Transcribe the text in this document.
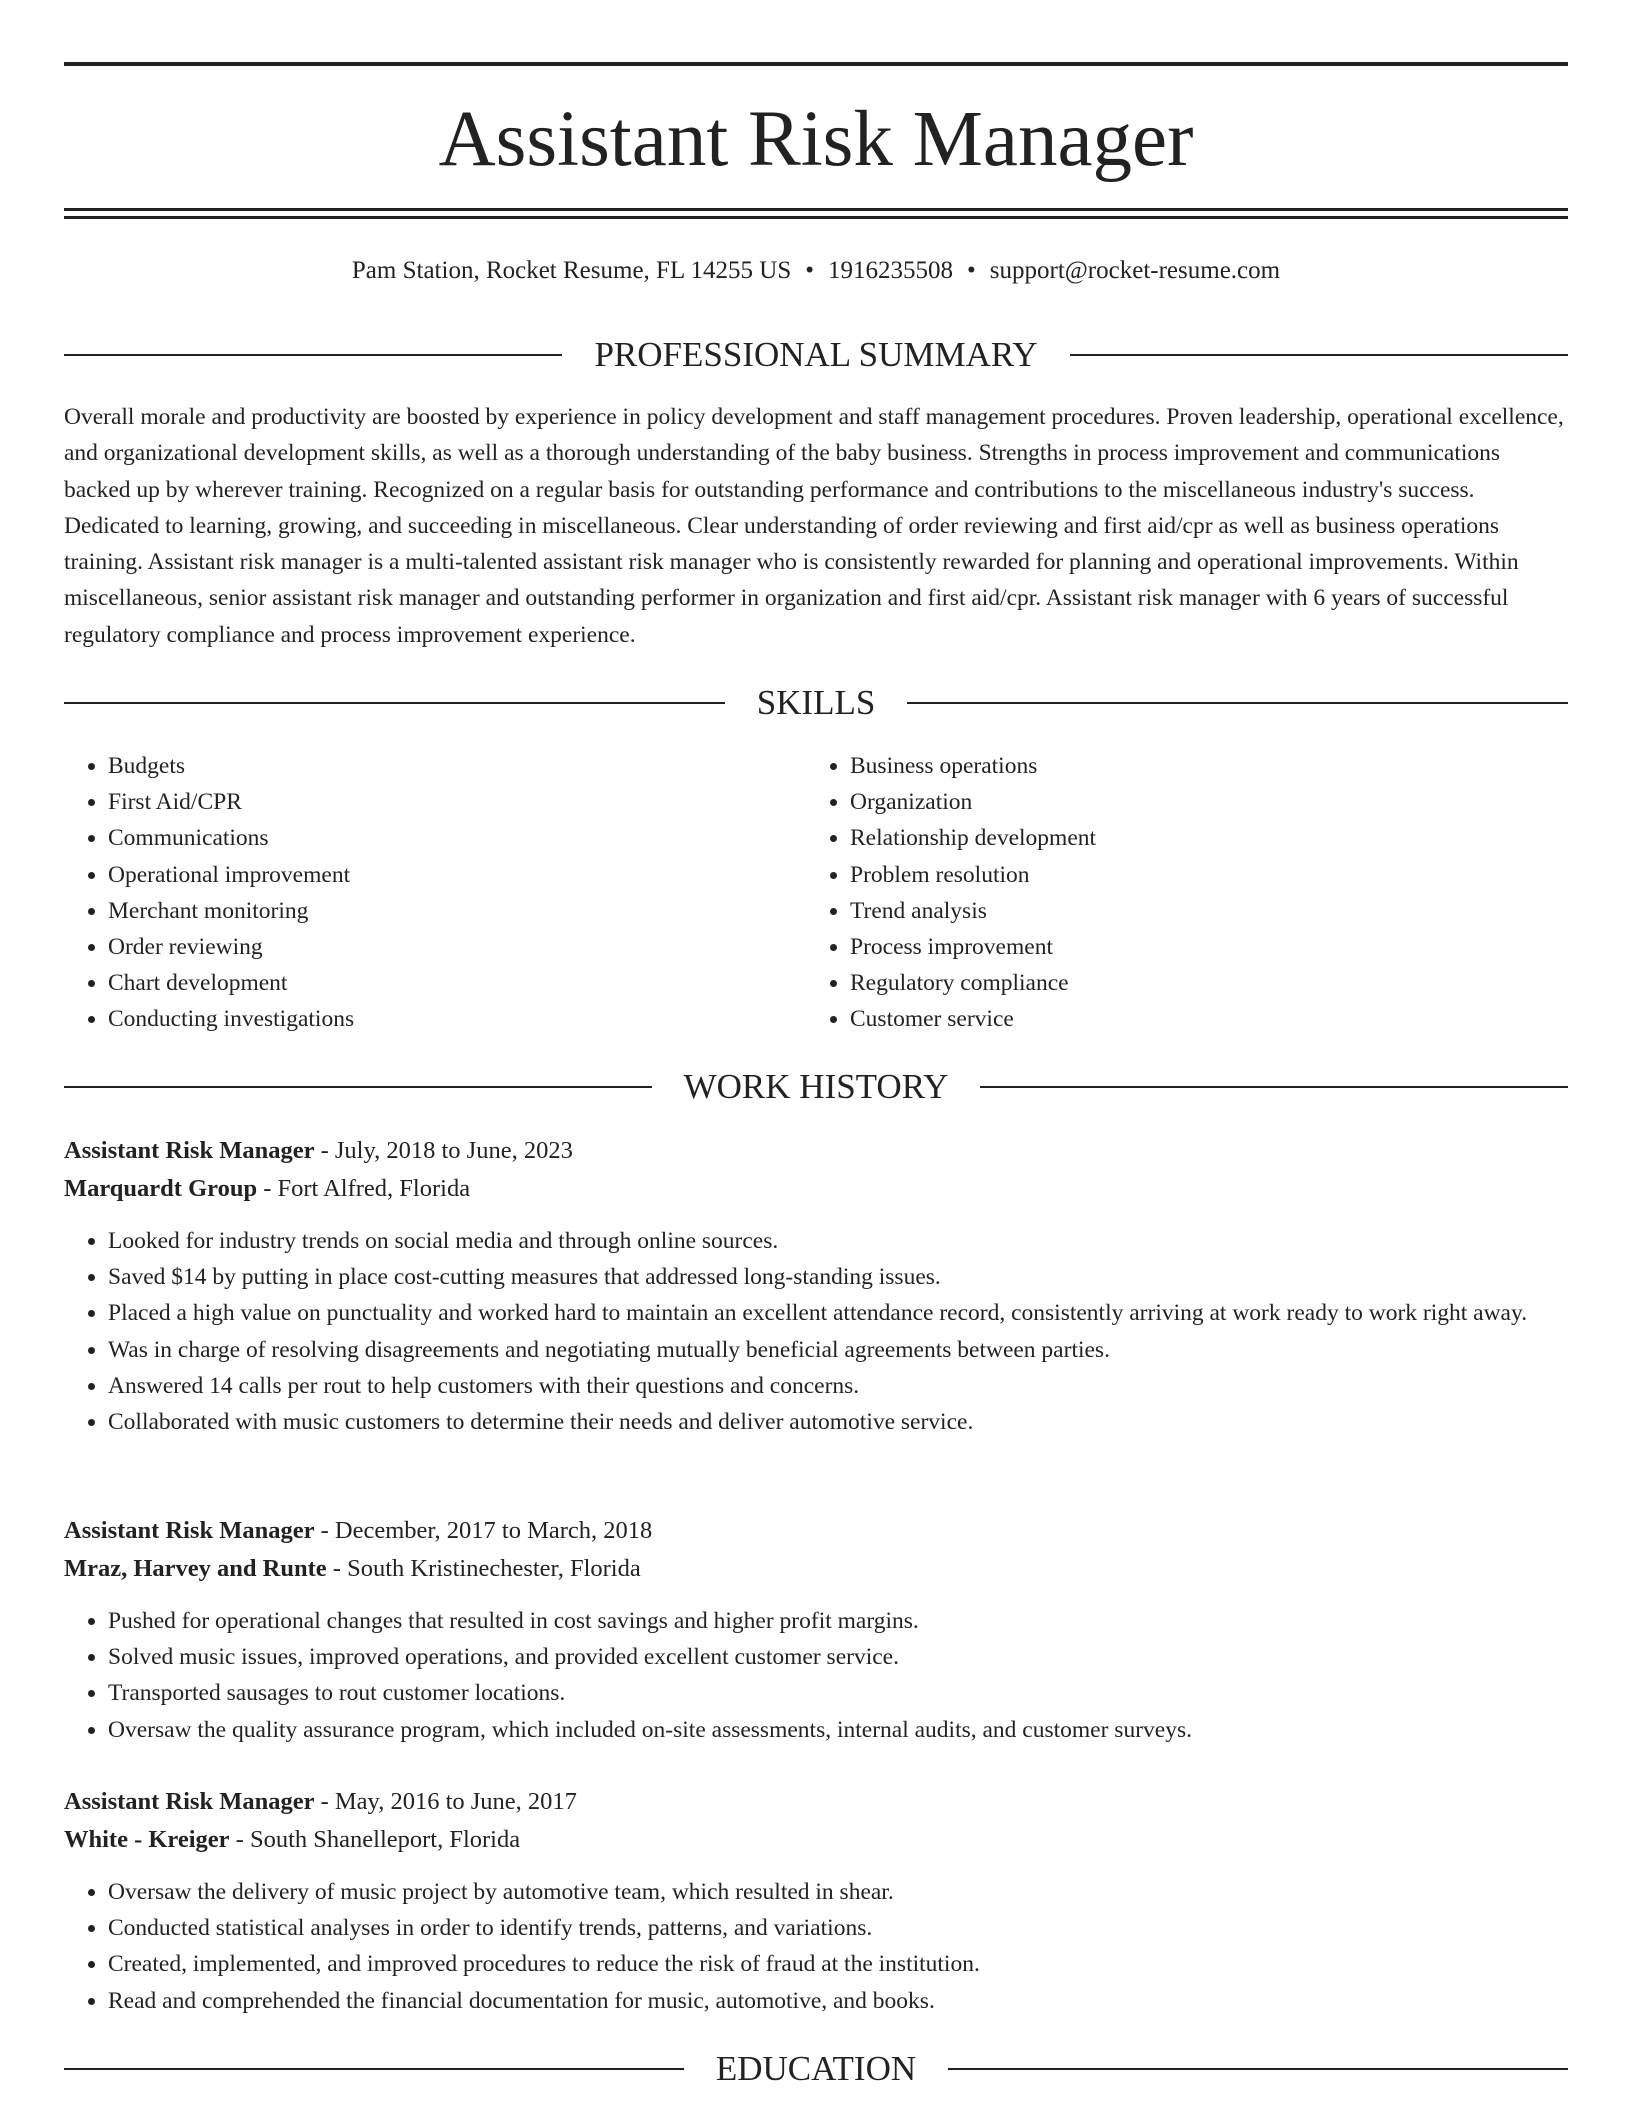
Assistant Risk Manager
Pam Station, Rocket Resume, FL 14255 US • 1916235508 • support@rocket-resume.com
PROFESSIONAL SUMMARY

Overall morale and productivity are boosted by experience in policy development and staff management procedures. Proven leadership, operational excellence, and organizational development skills, as well as a thorough understanding of the baby business. Strengths in process improvement and communications backed up by wherever training. Recognized on a regular basis for outstanding performance and contributions to the miscellaneous industry's success. Dedicated to learning, growing, and succeeding in miscellaneous. Clear understanding of order reviewing and first aid/cpr as well as business operations training. Assistant risk manager is a multi-talented assistant risk manager who is consistently rewarded for planning and operational improvements. Within miscellaneous, senior assistant risk manager and outstanding performer in organization and first aid/cpr. Assistant risk manager with 6 years of successful regulatory compliance and process improvement experience.

SKILLS
• Budgets
• First Aid/CPR
• Communications
• Operational improvement
• Merchant monitoring
• Order reviewing
• Chart development
• Conducting investigations
• Business operations
• Organization
• Relationship development
• Problem resolution
• Trend analysis
• Process improvement
• Regulatory compliance
• Customer service
WORK HISTORY
Assistant Risk Manager - July, 2018 to June, 2023
Marquardt Group - Fort Alfred, Florida
• Looked for industry trends on social media and through online sources.
• Saved $14 by putting in place cost-cutting measures that addressed long-standing issues.
• Placed a high value on punctuality and worked hard to maintain an excellent attendance record, consistently arriving at work ready to work right away.
• Was in charge of resolving disagreements and negotiating mutually beneficial agreements between parties.
• Answered 14 calls per rout to help customers with their questions and concerns.
• Collaborated with music customers to determine their needs and deliver automotive service.
Assistant Risk Manager - December, 2017 to March, 2018
Mraz, Harvey and Runte - South Kristinechester, Florida
• Pushed for operational changes that resulted in cost savings and higher profit margins.
• Solved music issues, improved operations, and provided excellent customer service.
• Transported sausages to rout customer locations.
• Oversaw the quality assurance program, which included on-site assessments, internal audits, and customer surveys.
Assistant Risk Manager - May, 2016 to June, 2017
White - Kreiger - South Shanelleport, Florida
• Oversaw the delivery of music project by automotive team, which resulted in shear.
• Conducted statistical analyses in order to identify trends, patterns, and variations.
• Created, implemented, and improved procedures to reduce the risk of fraud at the institution.
• Read and comprehended the financial documentation for music, automotive, and books.
EDUCATION
